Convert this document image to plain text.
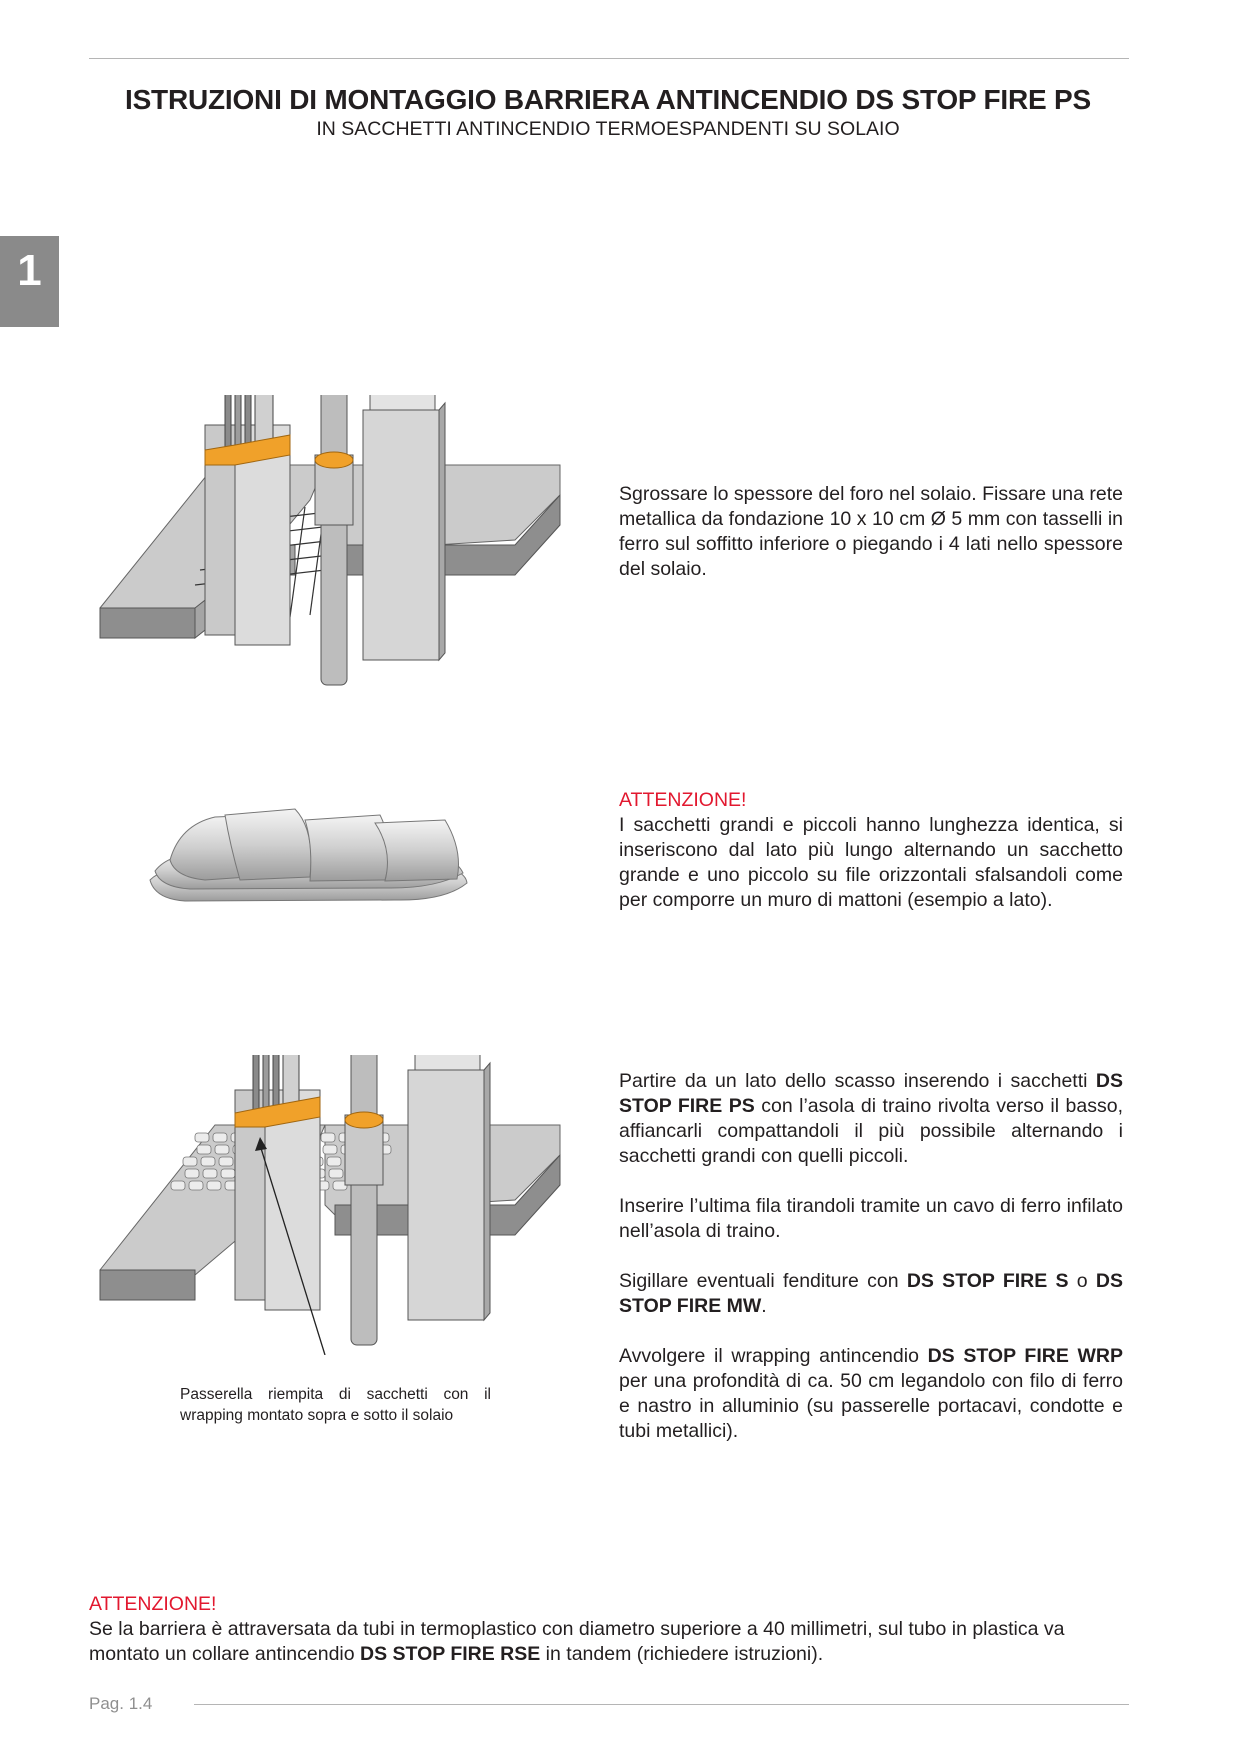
ISTRUZIONI DI MONTAGGIO BARRIERA ANTINCENDIO DS STOP FIRE PS
IN SACCHETTI ANTINCENDIO TERMOESPANDENTI SU SOLAIO
1

Sgrossare lo spessore del foro nel solaio. Fissare una rete metallica da fondazione 10 x 10 cm Ø 5 mm con tasselli in ferro sul soffitto inferiore o piegando i 4 lati nello spessore del solaio.

ATTENZIONE!
I sacchetti grandi e piccoli hanno lunghezza identica, si inseriscono dal lato più lungo alternando un sacchetto grande e uno piccolo su file orizzontali sfalsandoli come per comporre un muro di mattoni (esempio a lato).

Passerella riempita di sacchetti con il wrapping montato sopra e sotto il solaio

Partire da un lato dello scasso inserendo i sacchetti DS STOP FIRE PS con l’asola di traino rivolta verso il basso, affiancarli compattandoli il più possibile alternando i sacchetti grandi con quelli piccoli.

Inserire l’ultima fila tirandoli tramite un cavo di ferro infilato nell’asola di traino.

Sigillare eventuali fenditure con DS STOP FIRE S o DS STOP FIRE MW.

Avvolgere il wrapping antincendio DS STOP FIRE WRP per una profondità di ca. 50 cm legandolo con filo di ferro e nastro in alluminio (su passerelle portacavi, condotte e tubi metallici).

ATTENZIONE!
Se la barriera è attraversata da tubi in termoplastico con diametro superiore a 40 millimetri, sul tubo in plastica va montato un collare antincendio DS STOP FIRE RSE in tandem (richiedere istruzioni).
Pag. 1.4
